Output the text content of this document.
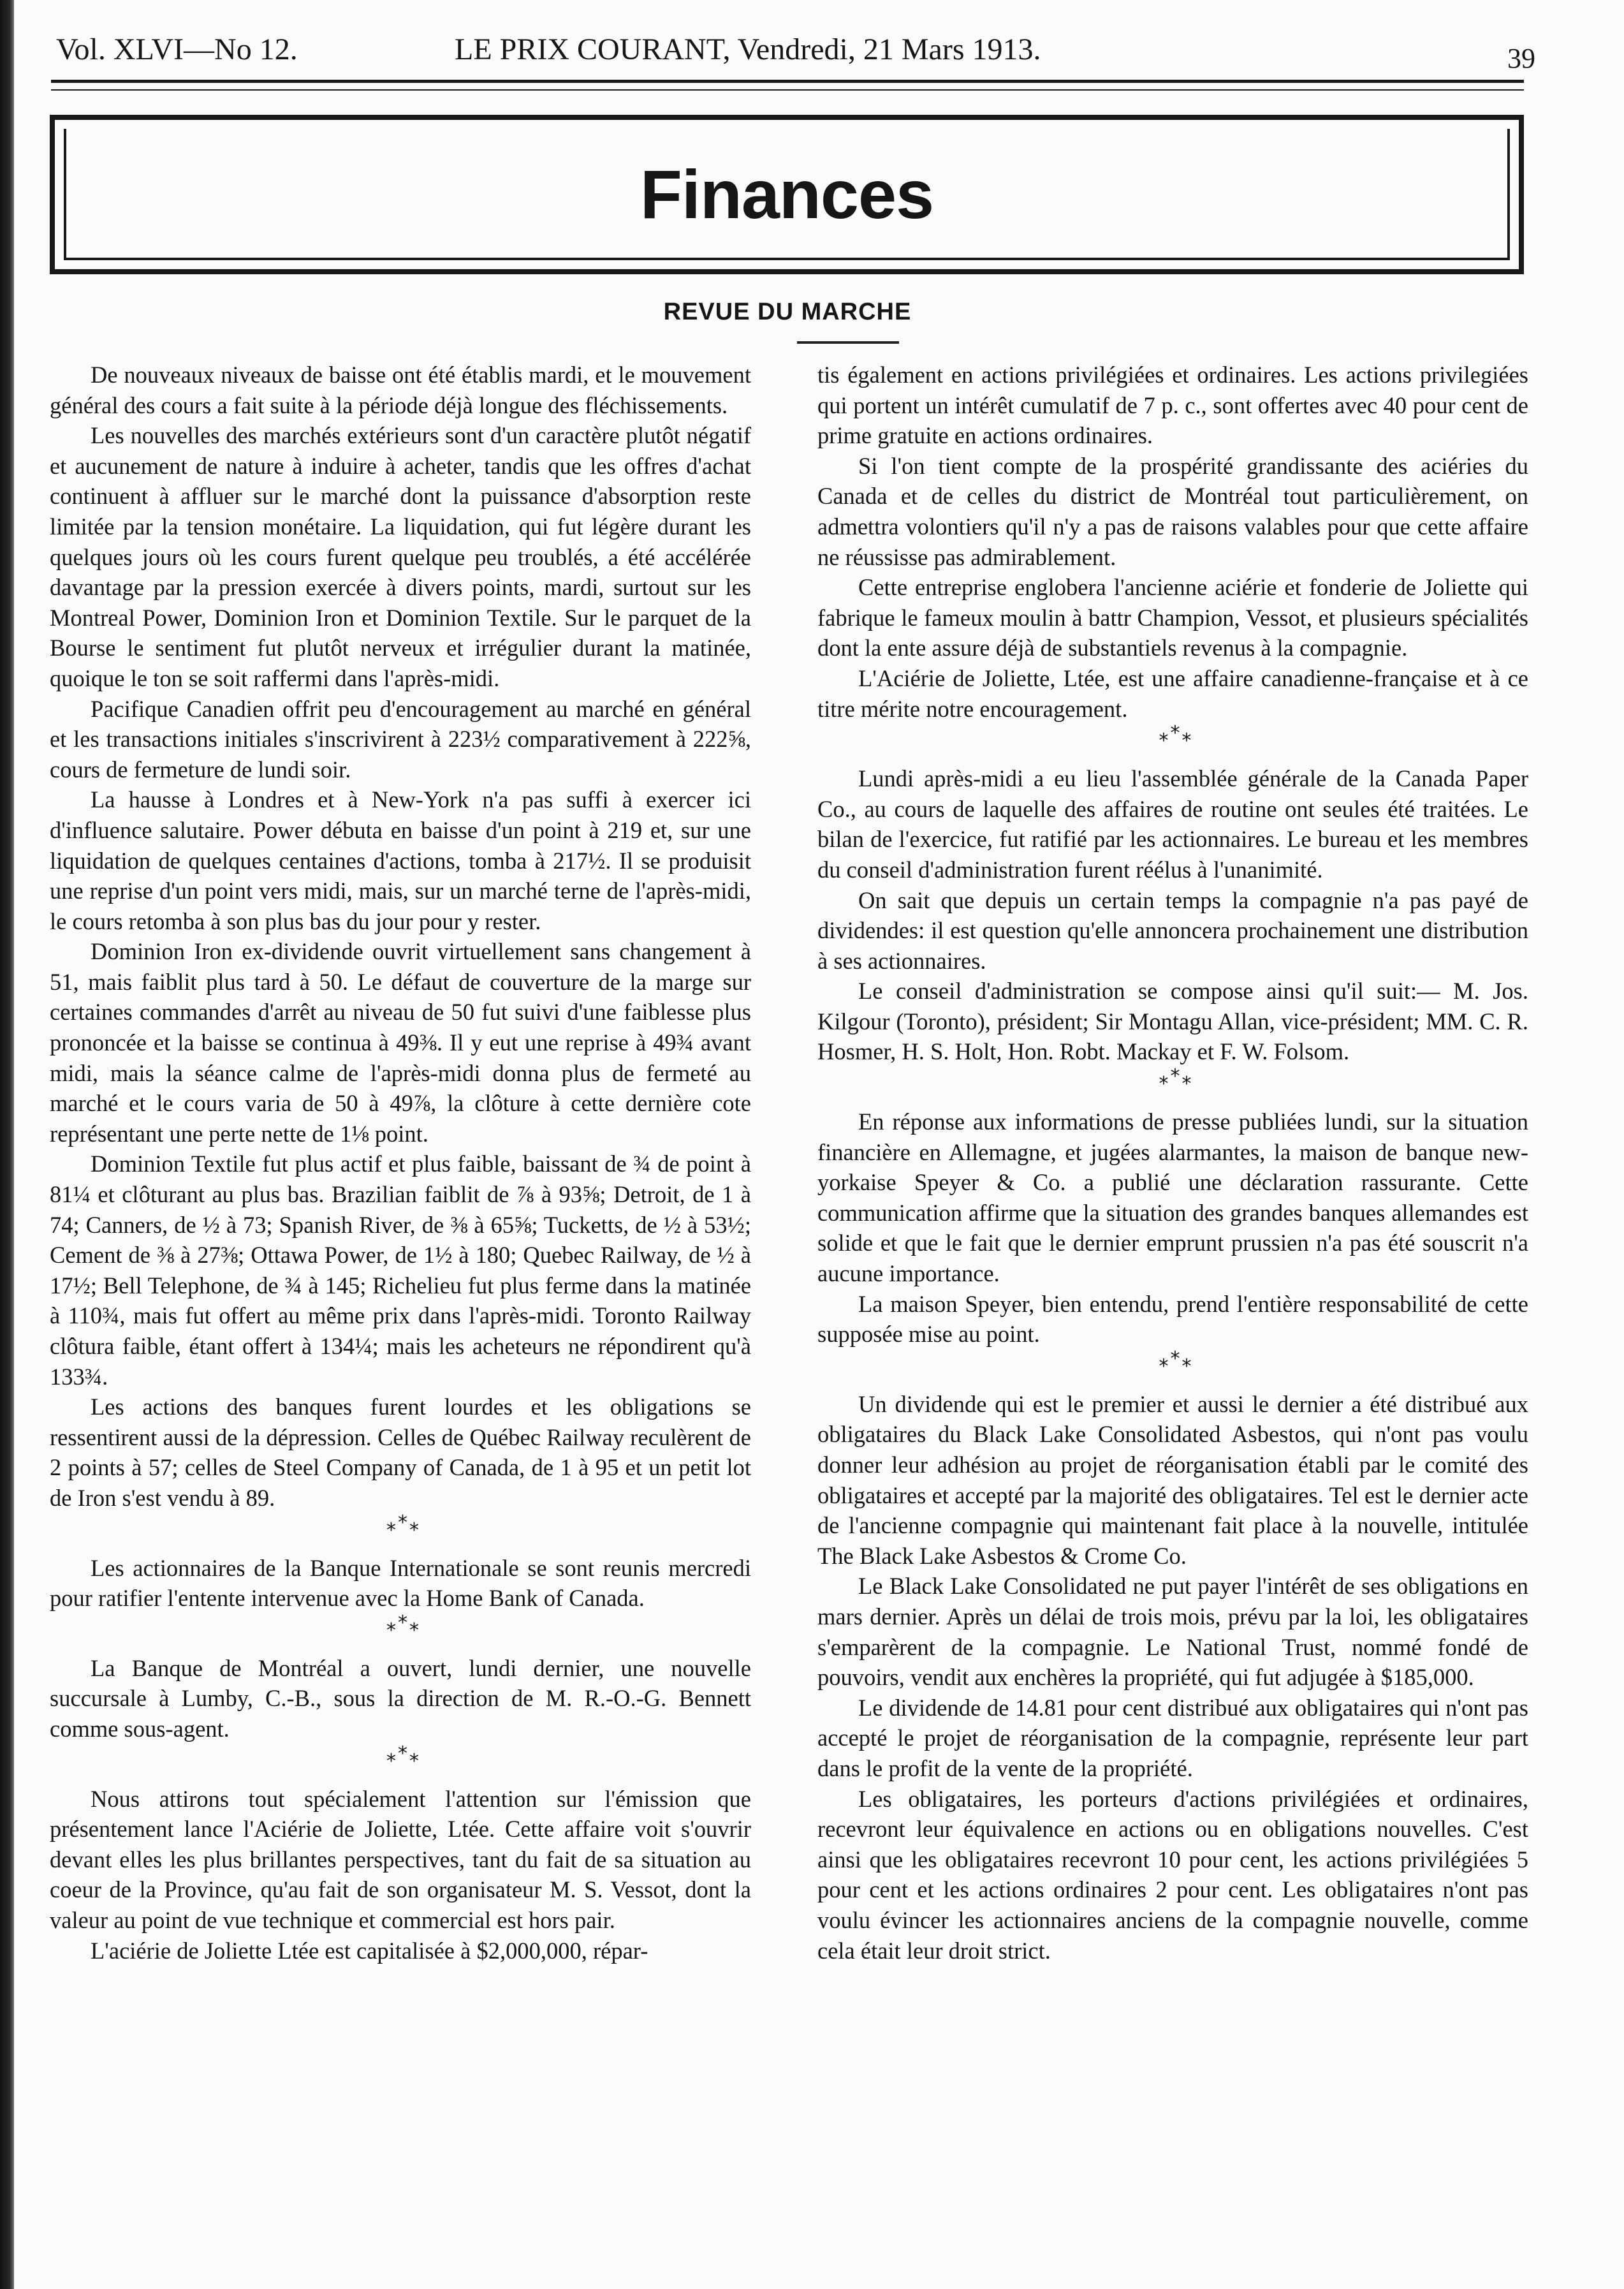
Vol. XLVI—No 12.	LE PRIX COURANT, Vendredi, 21 Mars 1913.	39
Finances
REVUE DU MARCHE

De nouveaux niveaux de baisse ont été établis mardi, et le mouvement général des cours a fait suite à la période déjà longue des fléchissements.

Les nouvelles des marchés extérieurs sont d'un caractère plutôt négatif et aucunement de nature à induire à acheter, tandis que les offres d'achat continuent à affluer sur le marché dont la puissance d'absorption reste limitée par la tension monétaire. La liquidation, qui fut légère durant les quelques jours où les cours furent quelque peu troublés, a été accélérée davantage par la pression exercée à divers points, mardi, surtout sur les Montreal Power, Dominion Iron et Dominion Textile. Sur le parquet de la Bourse le sentiment fut plutôt nerveux et irrégulier durant la matinée, quoique le ton se soit raffermi dans l'après-midi.

Pacifique Canadien offrit peu d'encouragement au marché en général et les transactions initiales s'inscrivirent à 223½ comparativement à 222⅝, cours de fermeture de lundi soir.

La hausse à Londres et à New-York n'a pas suffi à exercer ici d'influence salutaire. Power débuta en baisse d'un point à 219 et, sur une liquidation de quelques centaines d'actions, tomba à 217½. Il se produisit une reprise d'un point vers midi, mais, sur un marché terne de l'après-midi, le cours retomba à son plus bas du jour pour y rester.

Dominion Iron ex-dividende ouvrit virtuellement sans changement à 51, mais faiblit plus tard à 50. Le défaut de couverture de la marge sur certaines commandes d'arrêt au niveau de 50 fut suivi d'une faiblesse plus prononcée et la baisse se continua à 49⅜. Il y eut une reprise à 49¾ avant midi, mais la séance calme de l'après-midi donna plus de fermeté au marché et le cours varia de 50 à 49⅞, la clôture à cette dernière cote représentant une perte nette de 1⅛ point.

Dominion Textile fut plus actif et plus faible, baissant de ¾ de point à 81¼ et clôturant au plus bas. Brazilian faiblit de ⅞ à 93⅝; Detroit, de 1 à 74; Canners, de ½ à 73; Spanish River, de ⅜ à 65⅝; Tucketts, de ½ à 53½; Cement de ⅜ à 27⅜; Ottawa Power, de 1½ à 180; Quebec Railway, de ½ à 17½; Bell Telephone, de ¾ à 145; Richelieu fut plus ferme dans la matinée à 110¾, mais fut offert au même prix dans l'après-midi. Toronto Railway clôtura faible, étant offert à 134¼; mais les acheteurs ne répondirent qu'à 133¾.

Les actions des banques furent lourdes et les obligations se ressentirent aussi de la dépression. Celles de Québec Railway reculèrent de 2 points à 57; celles de Steel Company of Canada, de 1 à 95 et un petit lot de Iron s'est vendu à 89.

* * *

Les actionnaires de la Banque Internationale se sont reunis mercredi pour ratifier l'entente intervenue avec la Home Bank of Canada.

* * *

La Banque de Montréal a ouvert, lundi dernier, une nouvelle succursale à Lumby, C.-B., sous la direction de M. R.-O.-G. Bennett comme sous-agent.

* * *

Nous attirons tout spécialement l'attention sur l'émission que présentement lance l'Aciérie de Joliette, Ltée. Cette affaire voit s'ouvrir devant elles les plus brillantes perspectives, tant du fait de sa situation au coeur de la Province, qu'au fait de son organisateur M. S. Vessot, dont la valeur au point de vue technique et commercial est hors pair.

L'aciérie de Joliette Ltée est capitalisée à $2,000,000, répar-

tis également en actions privilégiées et ordinaires. Les actions privilegiées qui portent un intérêt cumulatif de 7 p. c., sont offertes avec 40 pour cent de prime gratuite en actions ordinaires.

Si l'on tient compte de la prospérité grandissante des aciéries du Canada et de celles du district de Montréal tout particulièrement, on admettra volontiers qu'il n'y a pas de raisons valables pour que cette affaire ne réussisse pas admirablement.

Cette entreprise englobera l'ancienne aciérie et fonderie de Joliette qui fabrique le fameux moulin à battr Champion, Vessot, et plusieurs spécialités dont la ente assure déjà de substantiels revenus à la compagnie.

L'Aciérie de Joliette, Ltée, est une affaire canadienne-française et à ce titre mérite notre encouragement.

* * *

Lundi après-midi a eu lieu l'assemblée générale de la Canada Paper Co., au cours de laquelle des affaires de routine ont seules été traitées. Le bilan de l'exercice, fut ratifié par les actionnaires. Le bureau et les membres du conseil d'administration furent réélus à l'unanimité.

On sait que depuis un certain temps la compagnie n'a pas payé de dividendes: il est question qu'elle annoncera prochainement une distribution à ses actionnaires.

Le conseil d'administration se compose ainsi qu'il suit:— M. Jos. Kilgour (Toronto), président; Sir Montagu Allan, vice-président; MM. C. R. Hosmer, H. S. Holt, Hon. Robt. Mackay et F. W. Folsom.

* * *

En réponse aux informations de presse publiées lundi, sur la situation financière en Allemagne, et jugées alarmantes, la maison de banque new-yorkaise Speyer & Co. a publié une déclaration rassurante. Cette communication affirme que la situation des grandes banques allemandes est solide et que le fait que le dernier emprunt prussien n'a pas été souscrit n'a aucune importance.

La maison Speyer, bien entendu, prend l'entière responsabilité de cette supposée mise au point.

* * *

Un dividende qui est le premier et aussi le dernier a été distribué aux obligataires du Black Lake Consolidated Asbestos, qui n'ont pas voulu donner leur adhésion au projet de réorganisation établi par le comité des obligataires et accepté par la majorité des obligataires. Tel est le dernier acte de l'ancienne compagnie qui maintenant fait place à la nouvelle, intitulée The Black Lake Asbestos & Crome Co.

Le Black Lake Consolidated ne put payer l'intérêt de ses obligations en mars dernier. Après un délai de trois mois, prévu par la loi, les obligataires s'emparèrent de la compagnie. Le National Trust, nommé fondé de pouvoirs, vendit aux enchères la propriété, qui fut adjugée à $185,000.

Le dividende de 14.81 pour cent distribué aux obligataires qui n'ont pas accepté le projet de réorganisation de la compagnie, représente leur part dans le profit de la vente de la propriété.

Les obligataires, les porteurs d'actions privilégiées et ordinaires, recevront leur équivalence en actions ou en obligations nouvelles. C'est ainsi que les obligataires recevront 10 pour cent, les actions privilégiées 5 pour cent et les actions ordinaires 2 pour cent. Les obligataires n'ont pas voulu évincer les actionnaires anciens de la compagnie nouvelle, comme cela était leur droit strict.
